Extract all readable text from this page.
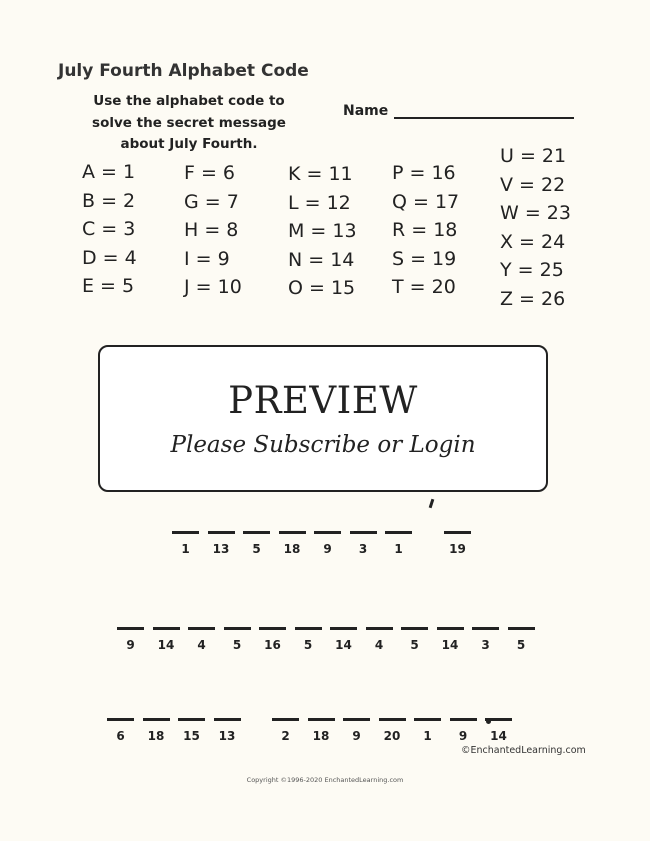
July Fourth Alphabet Code
Use the alphabet code to
solve the secret message
about July Fourth.
Name
A = 1
B = 2
C = 3
D = 4
E = 5
F = 6
G = 7
H = 8
I = 9
J = 10
K = 11
L = 12
M = 13
N = 14
O = 15
P = 16
Q = 17
R = 18
S = 19
T = 20
U = 21
V = 22
W = 23
X = 24
Y = 25
Z = 26
PREVIEW
Please Subscribe or Login
1	13	5	18	9	3	1	19
9	14	4	5	16	5	14	4	5	14	3	5
6	18	15	13	2	18	9	20	1	9	14
©EnchantedLearning.com
Copyright ©1996-2020 EnchantedLearning.com
